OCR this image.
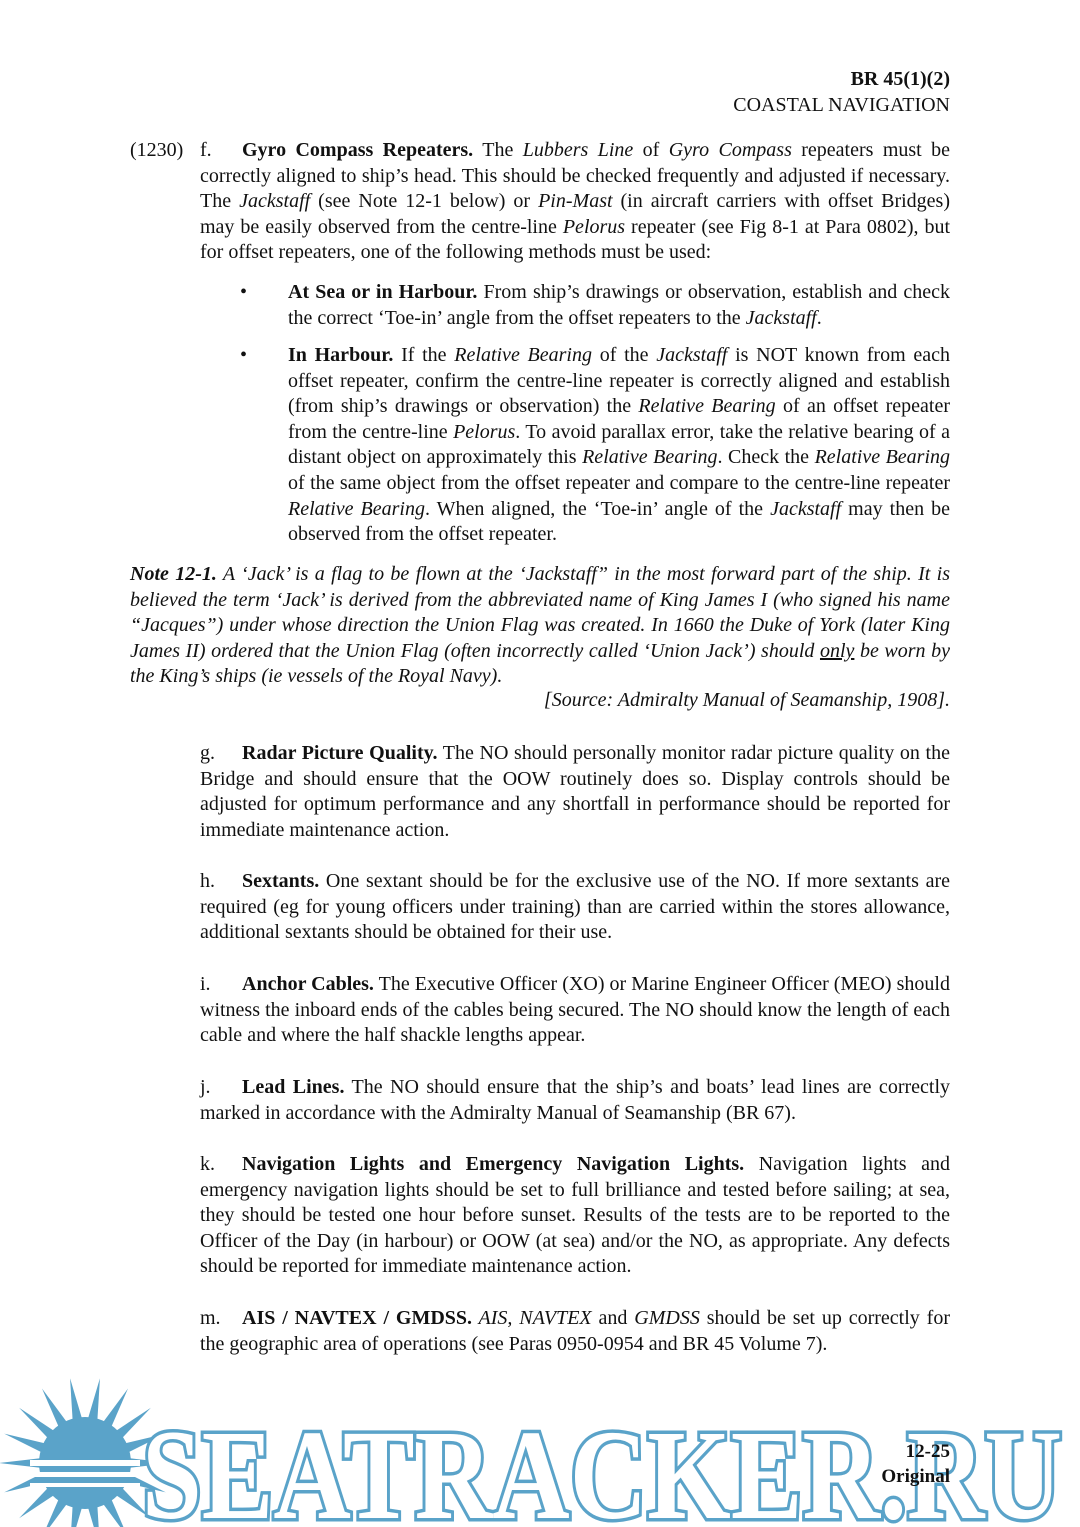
BR 45(1)(2)
COASTAL NAVIGATION
(1230) f. Gyro Compass Repeaters. The Lubbers Line of Gyro Compass repeaters must be correctly aligned to ship’s head. This should be checked frequently and adjusted if necessary. The Jackstaff (see Note 12-1 below) or Pin-Mast (in aircraft carriers with offset Bridges) may be easily observed from the centre-line Pelorus repeater (see Fig 8-1 at Para 0802), but for offset repeaters, one of the following methods must be used:

• At Sea or in Harbour. From ship’s drawings or observation, establish and check the correct ‘Toe-in’ angle from the offset repeaters to the Jackstaff.

• In Harbour. If the Relative Bearing of the Jackstaff is NOT known from each offset repeater, confirm the centre-line repeater is correctly aligned and establish (from ship’s drawings or observation) the Relative Bearing of an offset repeater from the centre-line Pelorus. To avoid parallax error, take the relative bearing of a distant object on approximately this Relative Bearing. Check the Relative Bearing of the same object from the offset repeater and compare to the centre-line repeater Relative Bearing. When aligned, the ‘Toe-in’ angle of the Jackstaff may then be observed from the offset repeater.

Note 12-1. A ‘Jack’ is a flag to be flown at the ‘Jackstaff” in the most forward part of the ship. It is believed the term ‘Jack’ is derived from the abbreviated name of King James I (who signed his name “Jacques”) under whose direction the Union Flag was created. In 1660 the Duke of York (later King James II) ordered that the Union Flag (often incorrectly called ‘Union Jack’) should only be worn by the King’s ships (ie vessels of the Royal Navy).

[Source: Admiralty Manual of Seamanship, 1908].

g. Radar Picture Quality. The NO should personally monitor radar picture quality on the Bridge and should ensure that the OOW routinely does so. Display controls should be adjusted for optimum performance and any shortfall in performance should be reported for immediate maintenance action.

h. Sextants. One sextant should be for the exclusive use of the NO. If more sextants are required (eg for young officers under training) than are carried within the stores allowance, additional sextants should be obtained for their use.

i. Anchor Cables. The Executive Officer (XO) or Marine Engineer Officer (MEO) should witness the inboard ends of the cables being secured. The NO should know the length of each cable and where the half shackle lengths appear.

j. Lead Lines. The NO should ensure that the ship’s and boats’ lead lines are correctly marked in accordance with the Admiralty Manual of Seamanship (BR 67).

k. Navigation Lights and Emergency Navigation Lights. Navigation lights and emergency navigation lights should be set to full brilliance and tested before sailing; at sea, they should be tested one hour before sunset. Results of the tests are to be reported to the Officer of the Day (in harbour) or OOW (at sea) and/or the NO, as appropriate. Any defects should be reported for immediate maintenance action.

m. AIS / NAVTEX / GMDSS. AIS, NAVTEX and GMDSS should be set up correctly for the geographic area of operations (see Paras 0950-0954 and BR 45 Volume 7).

SEATRACKER.RU
12-25
Original
